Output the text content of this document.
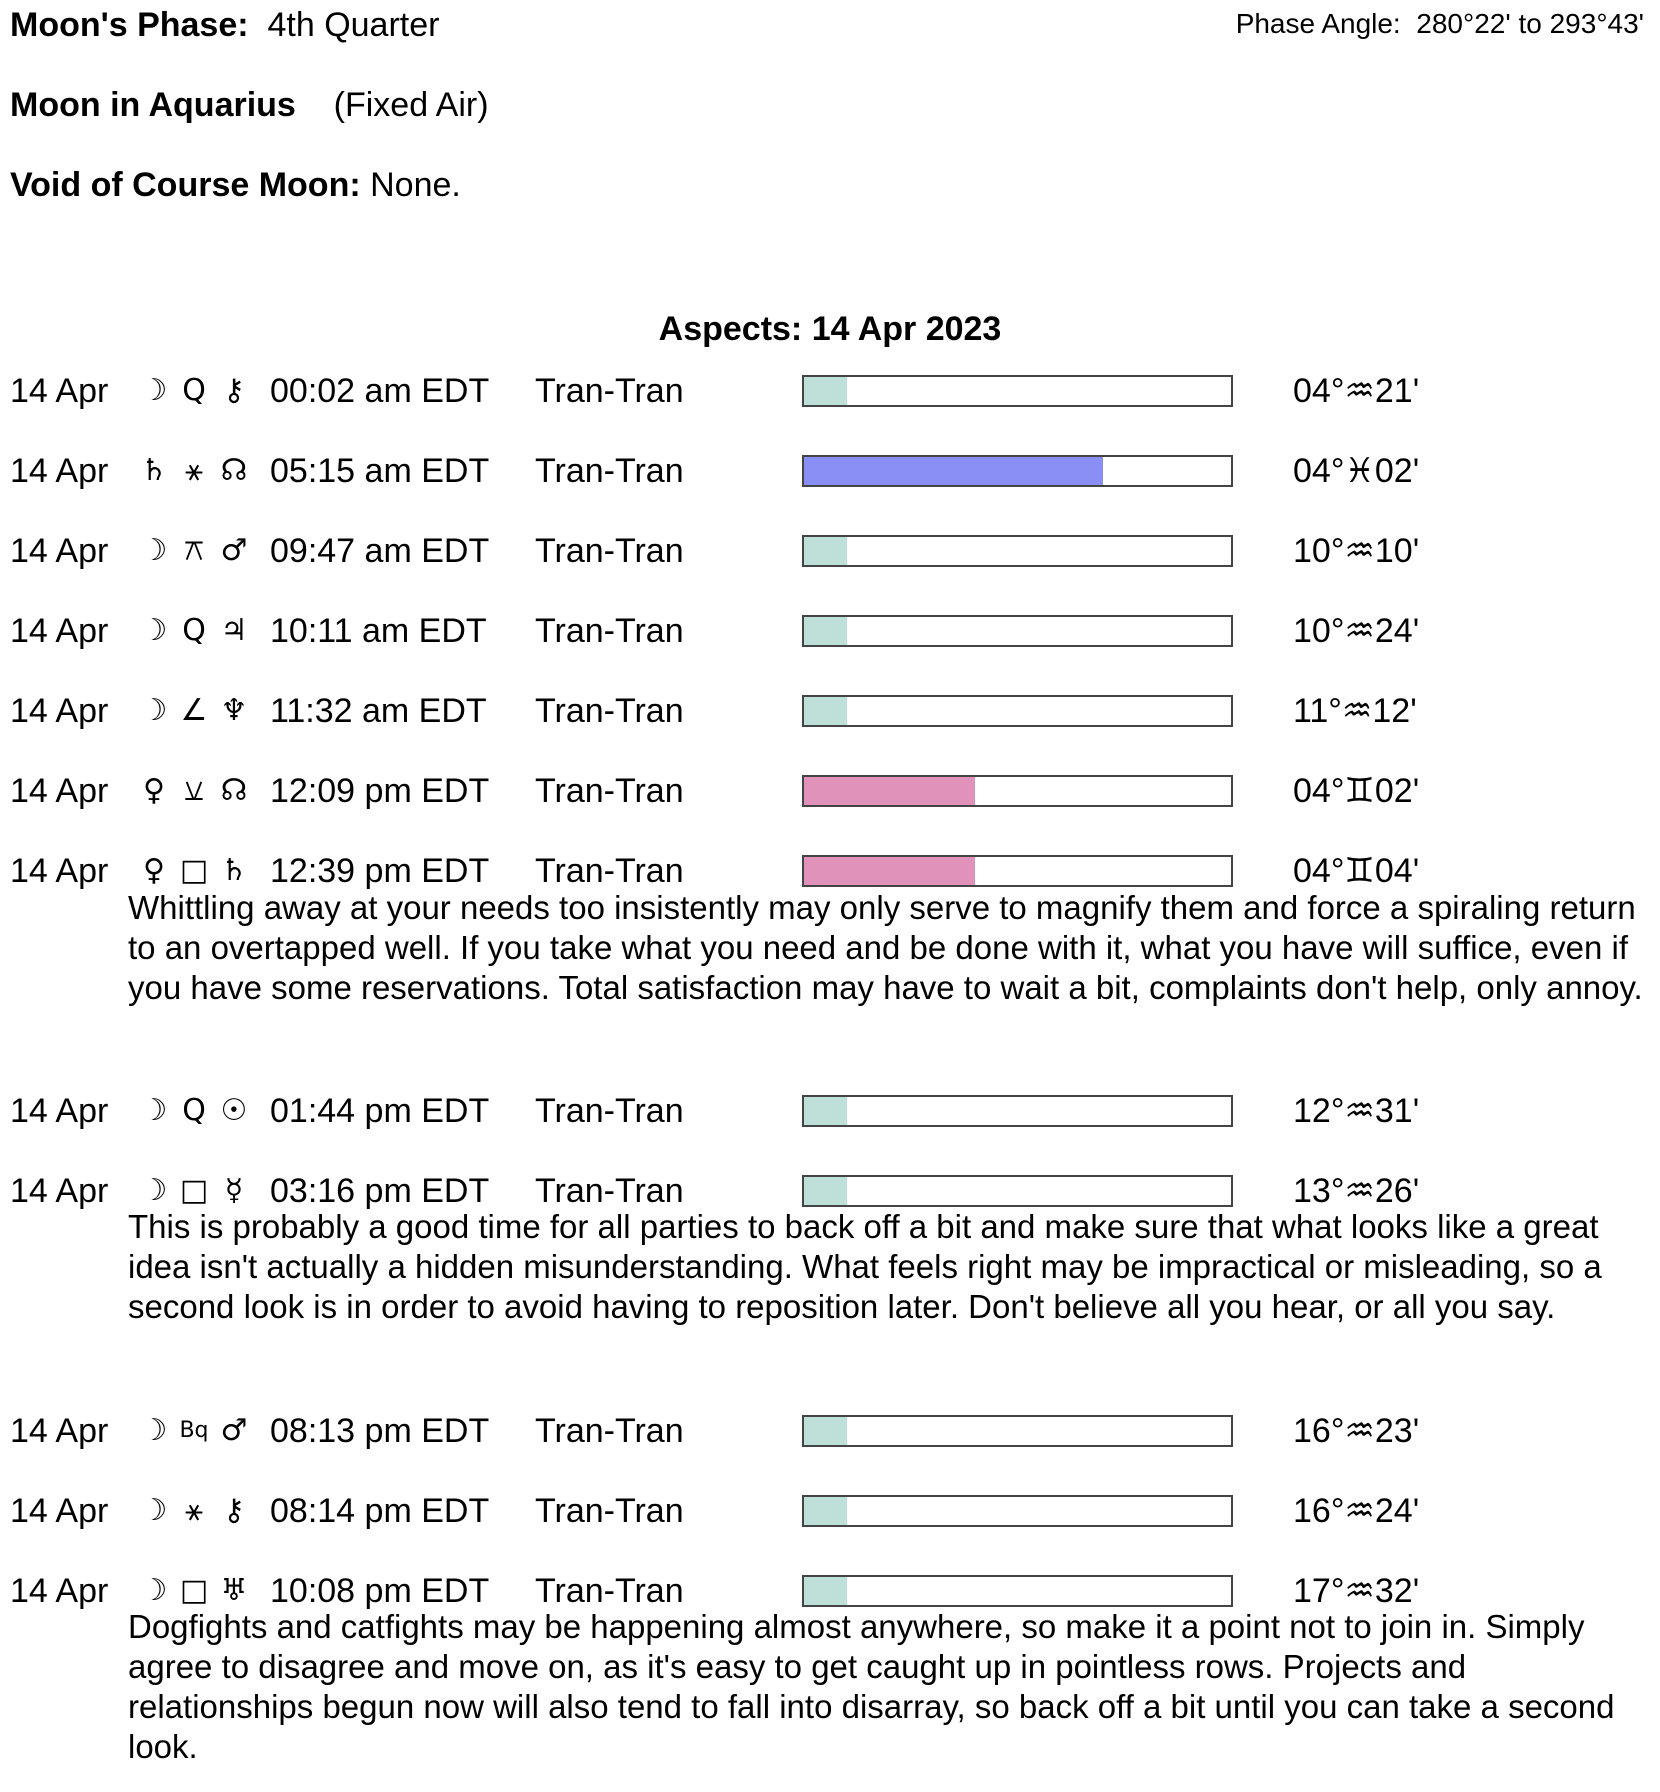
Moon's Phase: 4th Quarter	Phase Angle: 280°22' to 293°43'
Moon in Aquarius (Fixed Air)
Void of Course Moon: None.
Aspects: 14 Apr 2023
14 Apr ☽ Q ⚷ 00:02 am EDT Tran-Tran	04°♒21'
14 Apr ♄ ⚹ ☊ 05:15 am EDT Tran-Tran	04°♓02'
14 Apr ☽ ⚻ ♂ 09:47 am EDT Tran-Tran	10°♒10'
14 Apr ☽ Q ♃ 10:11 am EDT Tran-Tran	10°♒24'
14 Apr ☽ ∠ ♆ 11:32 am EDT Tran-Tran	11°♒12'
14 Apr ♀ ⚺ ☊ 12:09 pm EDT Tran-Tran	04°♊02'
14 Apr ♀ □ ♄ 12:39 pm EDT Tran-Tran	04°♊04'
Whittling away at your needs too insistently may only serve to magnify them and force a spiraling return to an overtapped well. If you take what you need and be done with it, what you have will suffice, even if you have some reservations. Total satisfaction may have to wait a bit, complaints don't help, only annoy.
14 Apr ☽ Q ☉ 01:44 pm EDT Tran-Tran	12°♒31'
14 Apr ☽ □ ☿ 03:16 pm EDT Tran-Tran	13°♒26'
This is probably a good time for all parties to back off a bit and make sure that what looks like a great idea isn't actually a hidden misunderstanding. What feels right may be impractical or misleading, so a second look is in order to avoid having to reposition later. Don't believe all you hear, or all you say.
14 Apr ☽ Bq ♂ 08:13 pm EDT Tran-Tran	16°♒23'
14 Apr ☽ ⚹ ⚷ 08:14 pm EDT Tran-Tran	16°♒24'
14 Apr ☽ □ ♅ 10:08 pm EDT Tran-Tran	17°♒32'
Dogfights and catfights may be happening almost anywhere, so make it a point not to join in. Simply agree to disagree and move on, as it's easy to get caught up in pointless rows. Projects and relationships begun now will also tend to fall into disarray, so back off a bit until you can take a second look.
